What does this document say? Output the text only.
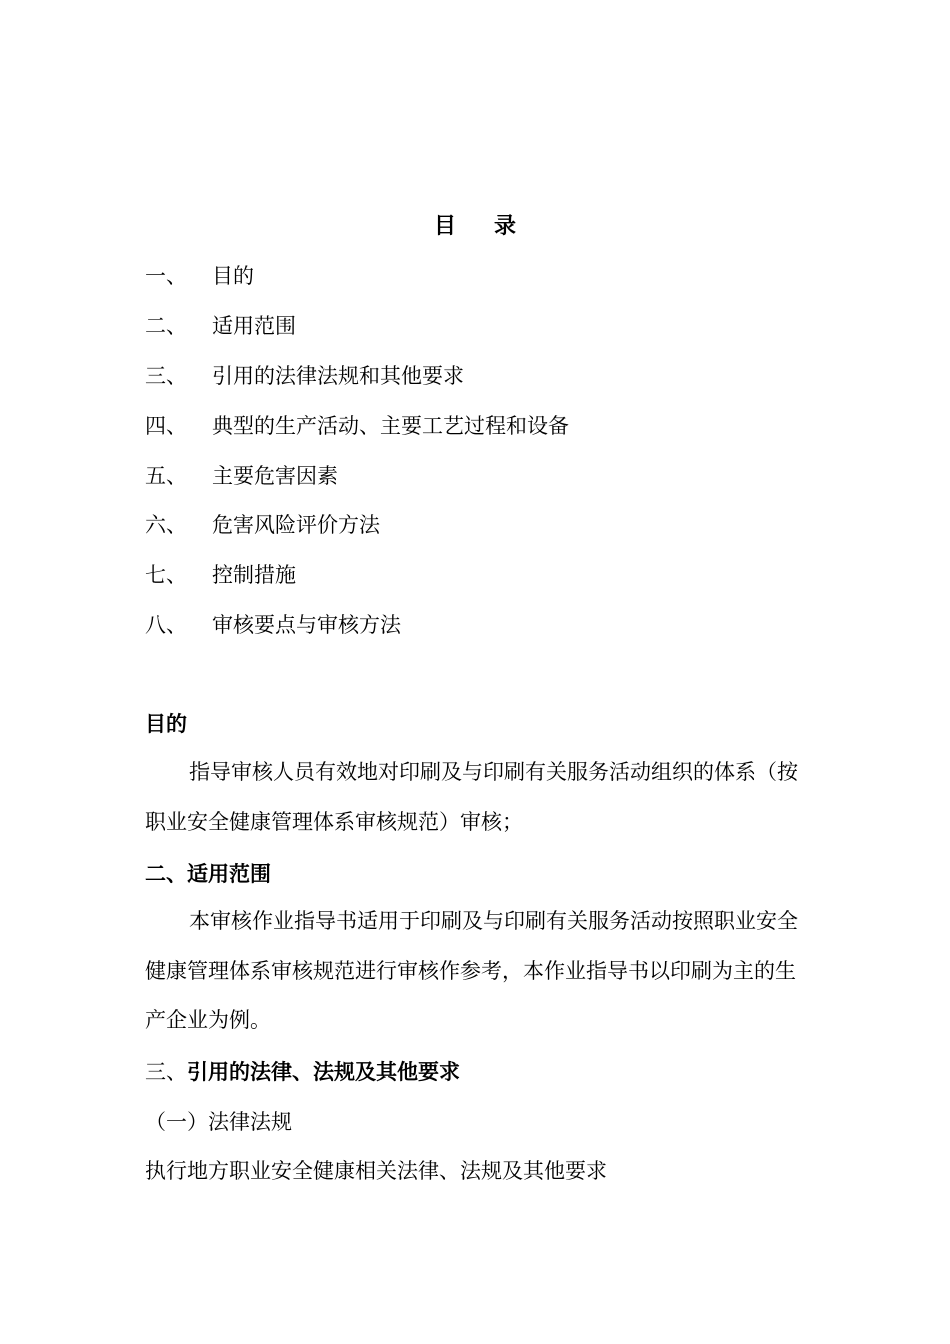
目 录
一、 目的
二、 适用范围
三、 引用的法律法规和其他要求
四、 典型的生产活动、主要工艺过程和设备
五、 主要危害因素
六、 危害风险评价方法
七、 控制措施
八、 审核要点与审核方法
目的
指导审核人员有效地对印刷及与印刷有关服务活动组织的体系（按职业安全健康管理体系审核规范）审核；
二、适用范围
本审核作业指导书适用于印刷及与印刷有关服务活动按照职业安全健康管理体系审核规范进行审核作参考，本作业指导书以印刷为主的生产企业为例。
三、引用的法律、法规及其他要求
（一）法律法规
执行地方职业安全健康相关法律、法规及其他要求
